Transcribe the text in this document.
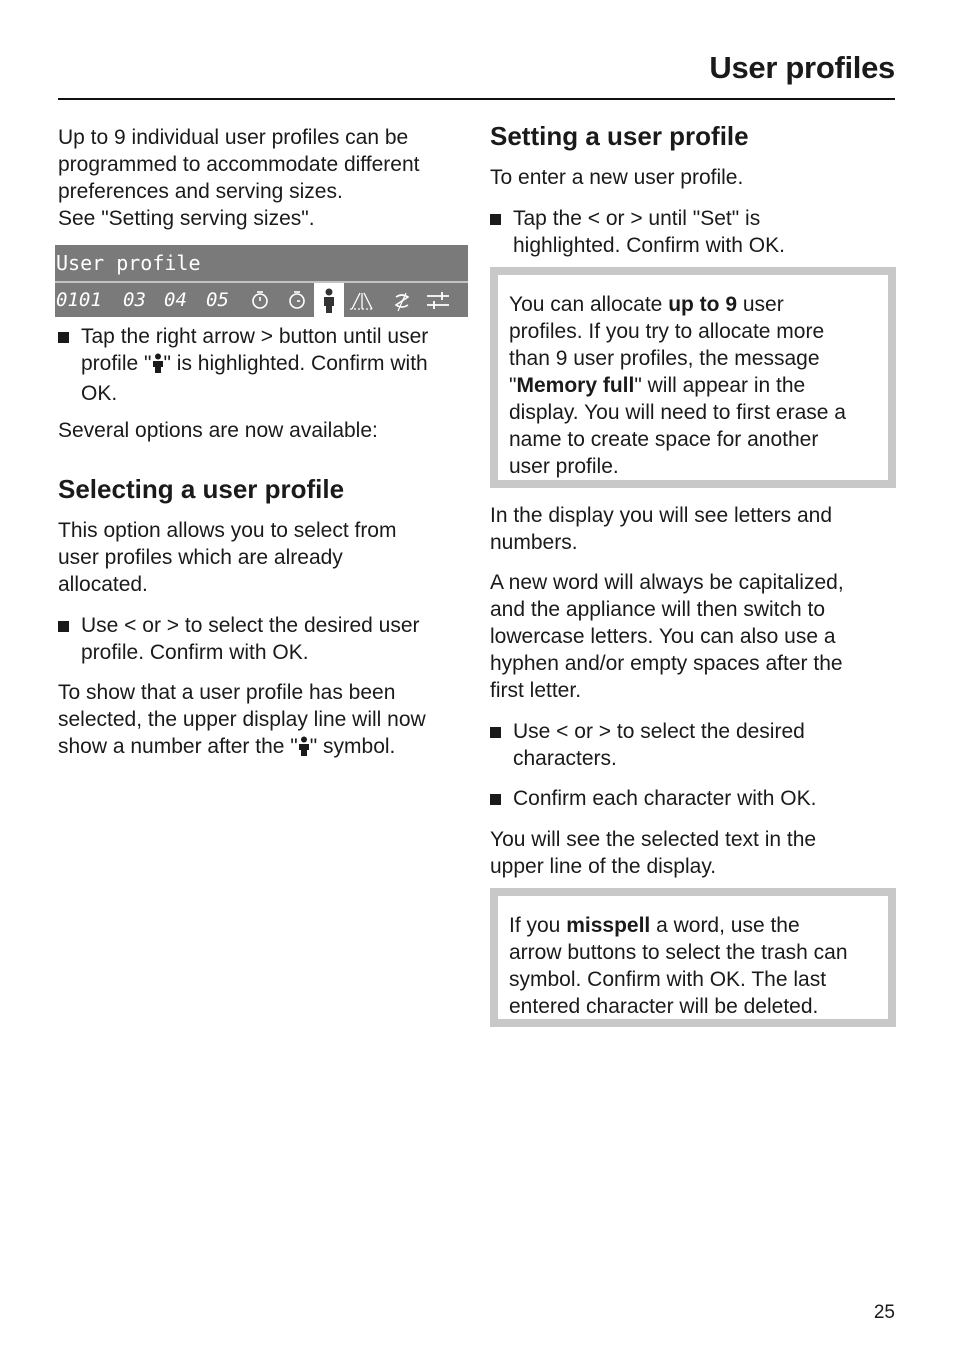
User profiles
Up to 9 individual user profiles can be
programmed to accommodate different
preferences and serving sizes.
See "Setting serving sizes".
User profile
0101 03 04 05
Tap the right arrow > button until user
profile " " is highlighted. Confirm with
OK.
Several options are now available:
Selecting a user profile
This option allows you to select from
user profiles which are already
allocated.
Use < or > to select the desired user
profile. Confirm with OK.
To show that a user profile has been
selected, the upper display line will now
show a number after the " " symbol.
Setting a user profile
To enter a new user profile.
Tap the < or > until "Set" is
highlighted. Confirm with OK.
You can allocate up to 9 user
profiles. If you try to allocate more
than 9 user profiles, the message
"Memory full" will appear in the
display. You will need to first erase a
name to create space for another
user profile.
In the display you will see letters and
numbers.
A new word will always be capitalized,
and the appliance will then switch to
lowercase letters. You can also use a
hyphen and/or empty spaces after the
first letter.
Use < or > to select the desired
characters.
Confirm each character with OK.
You will see the selected text in the
upper line of the display.
If you misspell a word, use the
arrow buttons to select the trash can
symbol. Confirm with OK. The last
entered character will be deleted.
25
